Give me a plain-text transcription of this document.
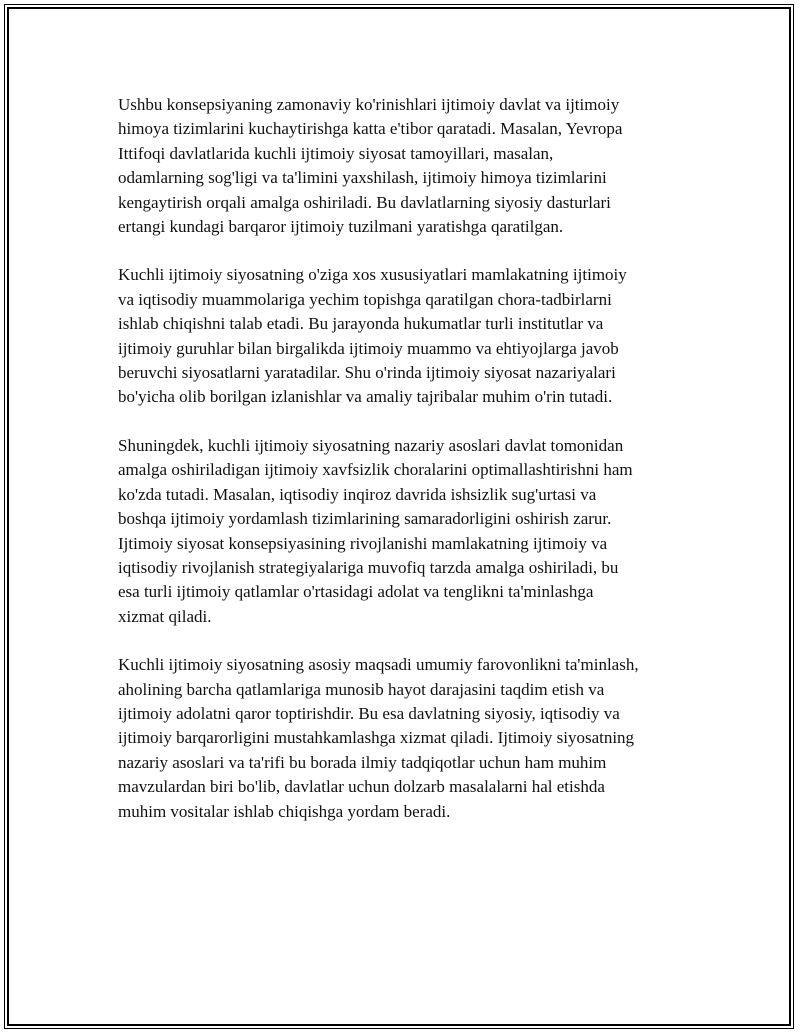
Ushbu konsepsiyaning zamonaviy ko'rinishlari ijtimoiy davlat va ijtimoiy
himoya tizimlarini kuchaytirishga katta e'tibor qaratadi. Masalan, Yevropa
Ittifoqi davlatlarida kuchli ijtimoiy siyosat tamoyillari, masalan,
odamlarning sog'ligi va ta'limini yaxshilash, ijtimoiy himoya tizimlarini
kengaytirish orqali amalga oshiriladi. Bu davlatlarning siyosiy dasturlari
ertangi kundagi barqaror ijtimoiy tuzilmani yaratishga qaratilgan.

Kuchli ijtimoiy siyosatning o'ziga xos xususiyatlari mamlakatning ijtimoiy
va iqtisodiy muammolariga yechim topishga qaratilgan chora-tadbirlarni
ishlab chiqishni talab etadi. Bu jarayonda hukumatlar turli institutlar va
ijtimoiy guruhlar bilan birgalikda ijtimoiy muammo va ehtiyojlarga javob
beruvchi siyosatlarni yaratadilar. Shu o'rinda ijtimoiy siyosat nazariyalari
bo'yicha olib borilgan izlanishlar va amaliy tajribalar muhim o'rin tutadi.

Shuningdek, kuchli ijtimoiy siyosatning nazariy asoslari davlat tomonidan
amalga oshiriladigan ijtimoiy xavfsizlik choralarini optimallashtirishni ham
ko'zda tutadi. Masalan, iqtisodiy inqiroz davrida ishsizlik sug'urtasi va
boshqa ijtimoiy yordamlash tizimlarining samaradorligini oshirish zarur.
Ijtimoiy siyosat konsepsiyasining rivojlanishi mamlakatning ijtimoiy va
iqtisodiy rivojlanish strategiyalariga muvofiq tarzda amalga oshiriladi, bu
esa turli ijtimoiy qatlamlar o'rtasidagi adolat va tenglikni ta'minlashga
xizmat qiladi.

Kuchli ijtimoiy siyosatning asosiy maqsadi umumiy farovonlikni ta'minlash,
aholining barcha qatlamlariga munosib hayot darajasini taqdim etish va
ijtimoiy adolatni qaror toptirishdir. Bu esa davlatning siyosiy, iqtisodiy va
ijtimoiy barqarorligini mustahkamlashga xizmat qiladi. Ijtimoiy siyosatning
nazariy asoslari va ta'rifi bu borada ilmiy tadqiqotlar uchun ham muhim
mavzulardan biri bo'lib, davlatlar uchun dolzarb masalalarni hal etishda
muhim vositalar ishlab chiqishga yordam beradi.
